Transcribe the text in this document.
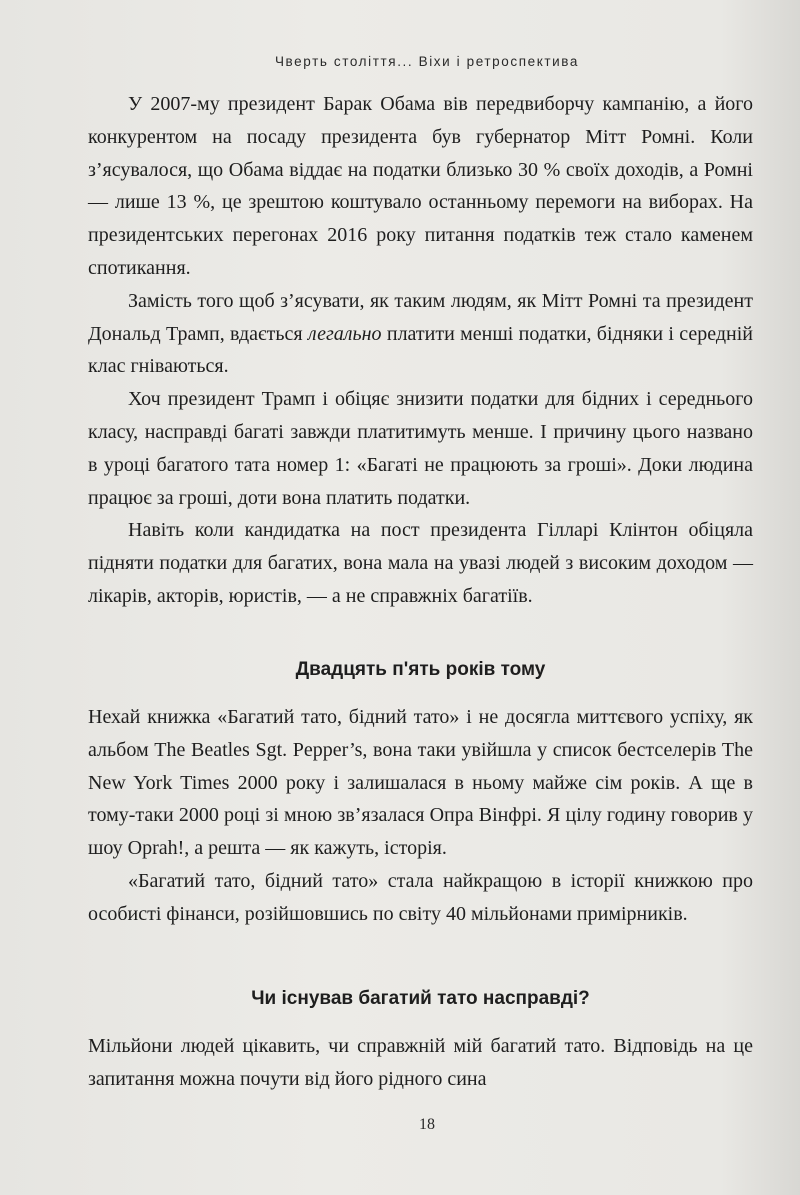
Чверть століття... Віхи і ретроспектива

У 2007-му президент Барак Обама вів передвиборчу кампанію, а його конкурентом на посаду президента був губернатор Мітт Ромні. Коли з’ясувалося, що Обама віддає на податки близько 30 % своїх доходів, а Ромні — лише 13 %, це зрештою коштувало останньому перемоги на виборах. На президентських перегонах 2016 року питання податків теж стало каменем спотикання.

Замість того щоб з’ясувати, як таким людям, як Мітт Ромні та президент Дональд Трамп, вдається легально платити менші податки, бідняки і середній клас гніваються.

Хоч президент Трамп і обіцяє знизити податки для бідних і середнього класу, насправді багаті завжди платитимуть менше. І причину цього названо в уроці багатого тата номер 1: «Багаті не працюють за гроші». Доки людина працює за гроші, доти вона платить податки.

Навіть коли кандидатка на пост президента Гілларі Клінтон обіцяла підняти податки для багатих, вона мала на увазі людей з високим доходом — лікарів, акторів, юристів, — а не справжніх багатіїв.

Двадцять п'ять років тому

Нехай книжка «Багатий тато, бідний тато» і не досягла миттєвого успіху, як альбом The Beatles Sgt. Pepper’s, вона таки увійшла у список бестселерів The New York Times 2000 року і залишалася в ньому майже сім років. А ще в тому-таки 2000 році зі мною зв’язалася Опра Вінфрі. Я цілу годину говорив у шоу Oprah!, а решта — як кажуть, історія.

«Багатий тато, бідний тато» стала найкращою в історії книжкою про особисті фінанси, розійшовшись по світу 40 мільйонами примірників.

Чи існував багатий тато насправді?

Мільйони людей цікавить, чи справжній мій багатий тато. Відповідь на це запитання можна почути від його рідного сина

18
